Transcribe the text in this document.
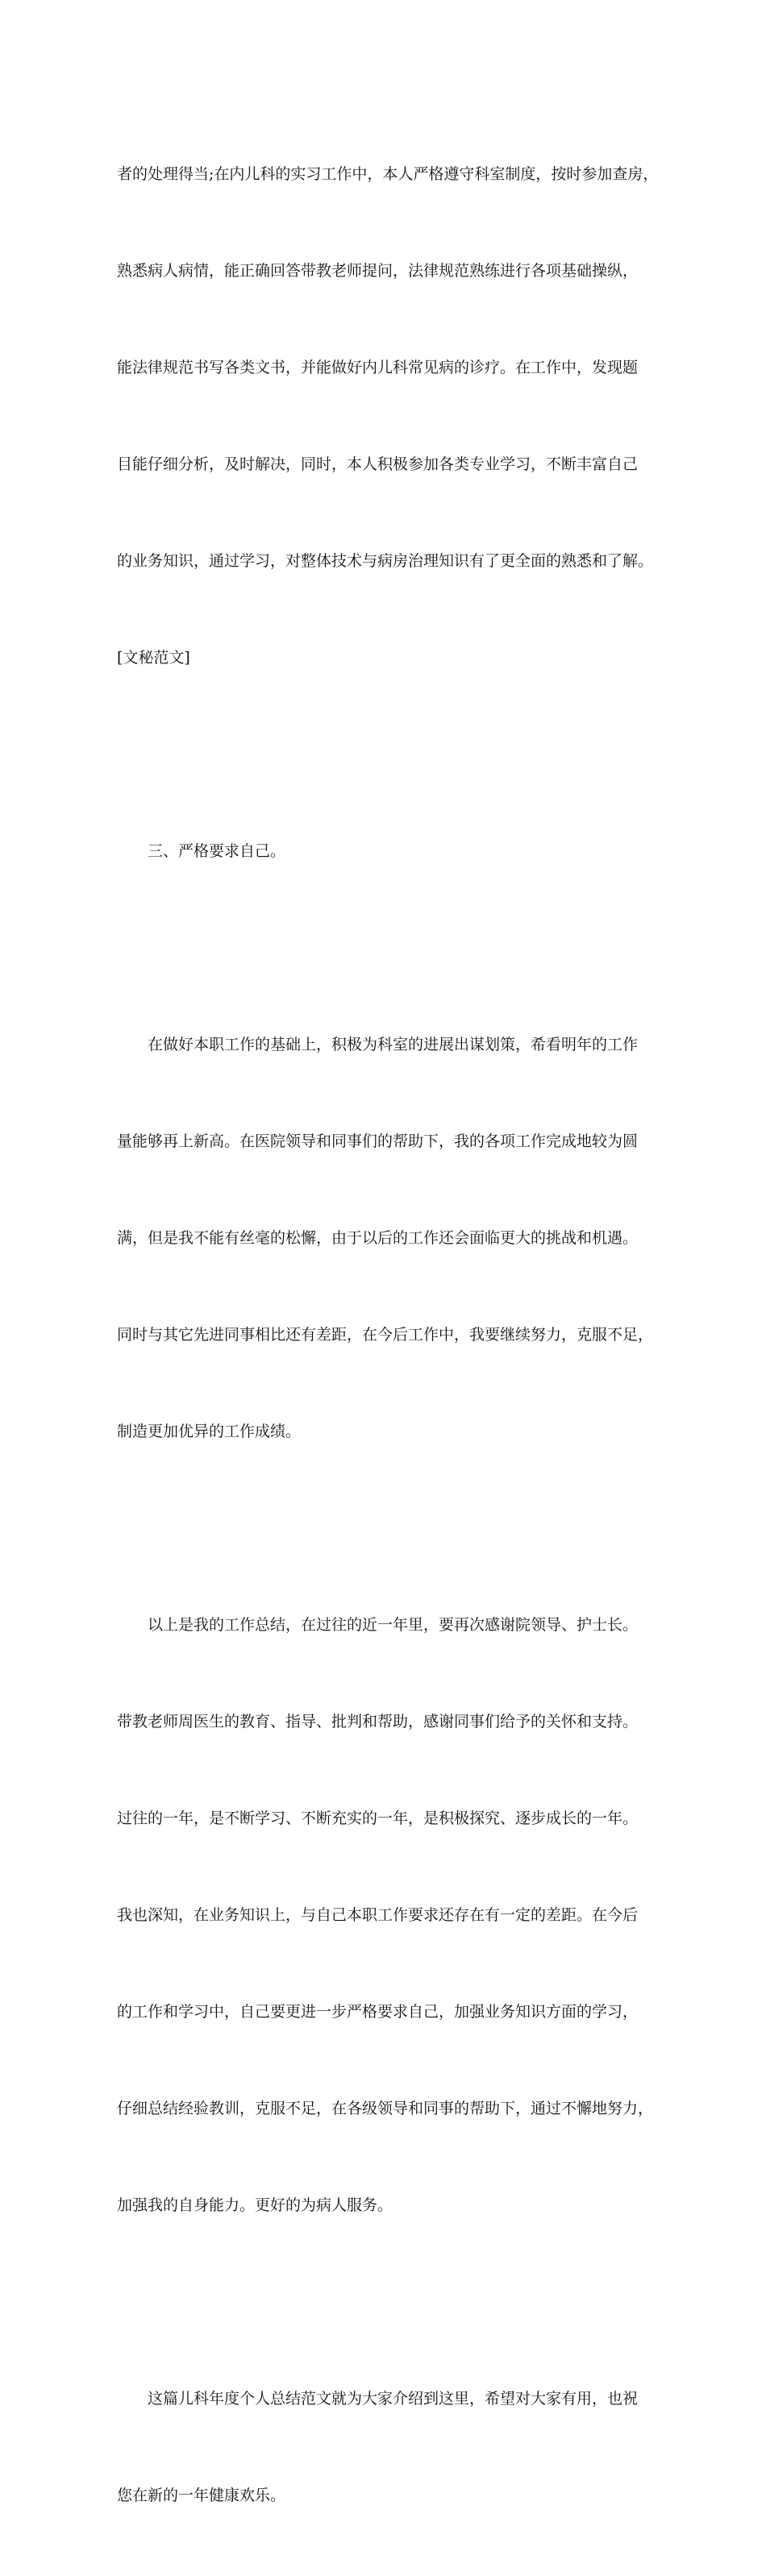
者的处理得当;在内儿科的实习工作中，本人严格遵守科室制度，按时参加查房，

熟悉病人病情，能正确回答带教老师提问，法律规范熟练进行各项基础操纵，

能法律规范书写各类文书，并能做好内儿科常见病的诊疗。在工作中，发现题

目能仔细分析，及时解决，同时，本人积极参加各类专业学习，不断丰富自己

的业务知识，通过学习，对整体技术与病房治理知识有了更全面的熟悉和了解。

[文秘范文]

三、严格要求自己。

在做好本职工作的基础上，积极为科室的进展出谋划策，希看明年的工作

量能够再上新高。在医院领导和同事们的帮助下，我的各项工作完成地较为圆

满，但是我不能有丝毫的松懈，由于以后的工作还会面临更大的挑战和机遇。

同时与其它先进同事相比还有差距，在今后工作中，我要继续努力，克服不足，

制造更加优异的工作成绩。

以上是我的工作总结，在过往的近一年里，要再次感谢院领导、护士长。

带教老师周医生的教育、指导、批判和帮助，感谢同事们给予的关怀和支持。

过往的一年，是不断学习、不断充实的一年，是积极探究、逐步成长的一年。

我也深知，在业务知识上，与自己本职工作要求还存在有一定的差距。在今后

的工作和学习中，自己要更进一步严格要求自己，加强业务知识方面的学习，

仔细总结经验教训，克服不足，在各级领导和同事的帮助下，通过不懈地努力，

加强我的自身能力。更好的为病人服务。

这篇儿科年度个人总结范文就为大家介绍到这里，希望对大家有用，也祝

您在新的一年健康欢乐。
